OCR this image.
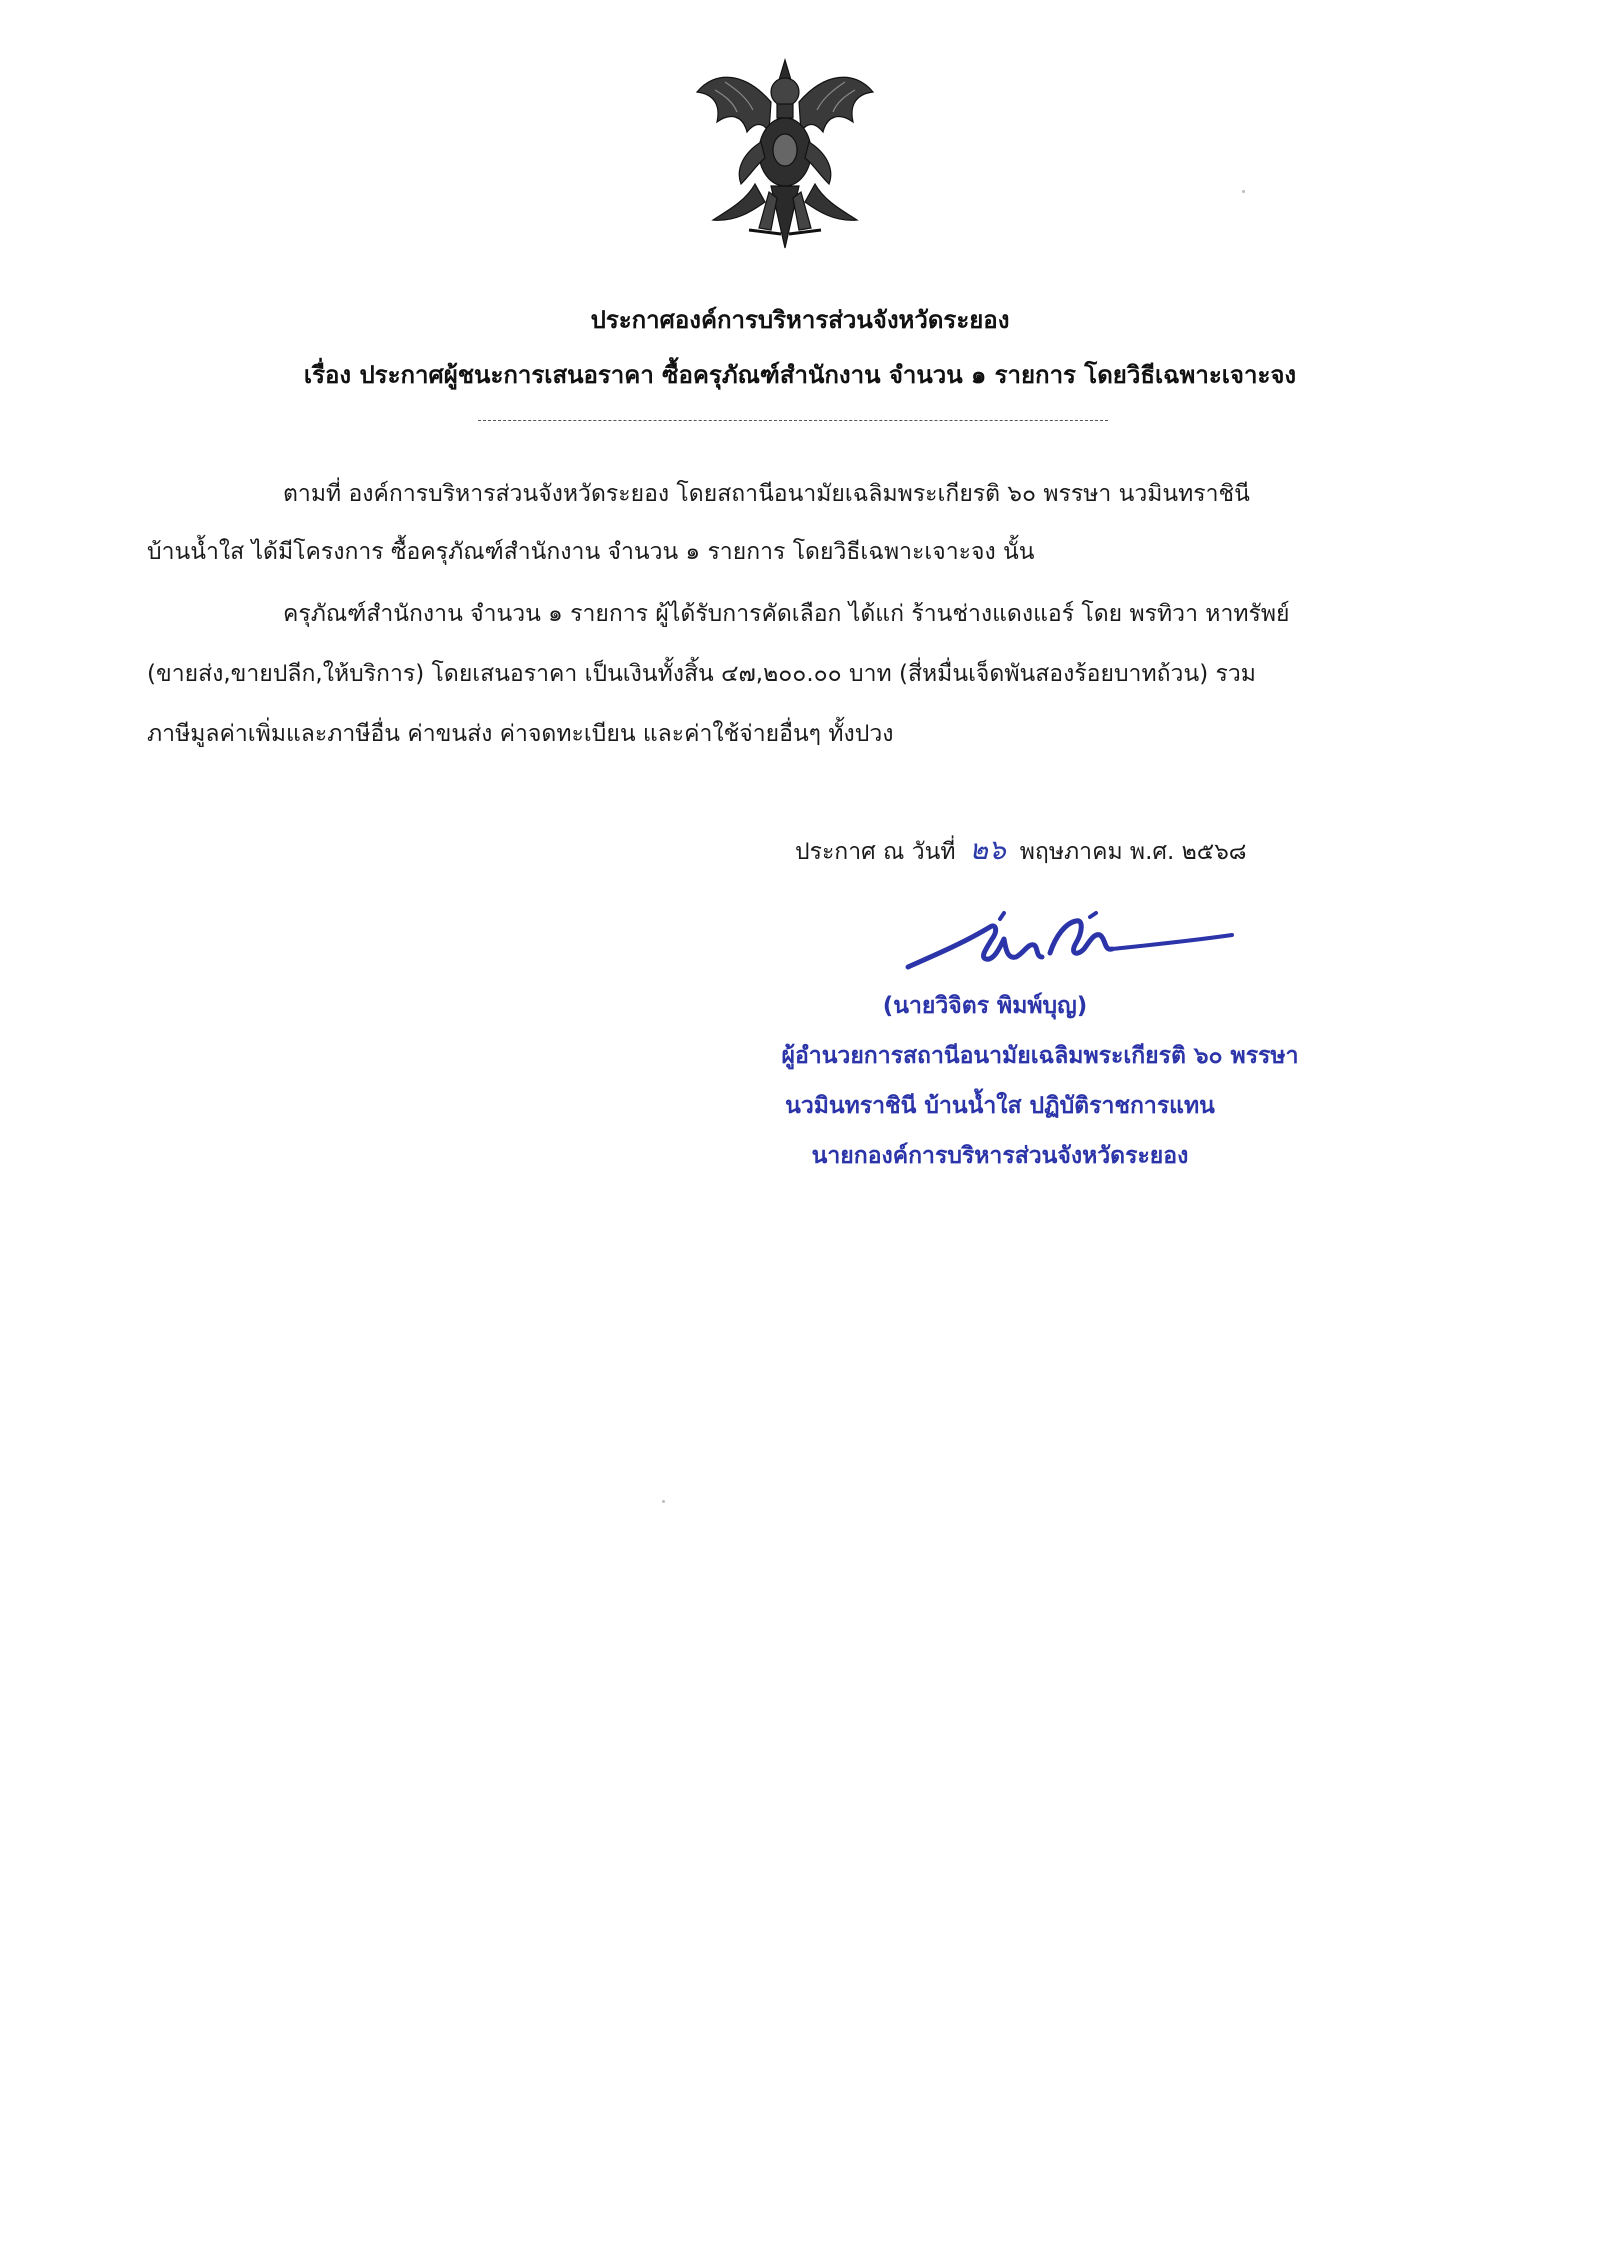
ประกาศองค์การบริหารส่วนจังหวัดระยอง
เรื่อง ประกาศผู้ชนะการเสนอราคา ซื้อครุภัณฑ์สำนักงาน จำนวน ๑ รายการ โดยวิธีเฉพาะเจาะจง
ตามที่ องค์การบริหารส่วนจังหวัดระยอง โดยสถานีอนามัยเฉลิมพระเกียรติ ๖๐ พรรษา นวมินทราชินี
บ้านน้ำใส ได้มีโครงการ ซื้อครุภัณฑ์สำนักงาน จำนวน ๑ รายการ โดยวิธีเฉพาะเจาะจง นั้น
ครุภัณฑ์สำนักงาน จำนวน ๑ รายการ ผู้ได้รับการคัดเลือก ได้แก่ ร้านช่างแดงแอร์ โดย พรทิวา หาทรัพย์
(ขายส่ง,ขายปลีก,ให้บริการ) โดยเสนอราคา เป็นเงินทั้งสิ้น ๔๗,๒๐๐.๐๐ บาท (สี่หมื่นเจ็ดพันสองร้อยบาทถ้วน) รวม
ภาษีมูลค่าเพิ่มและภาษีอื่น ค่าขนส่ง ค่าจดทะเบียน และค่าใช้จ่ายอื่นๆ ทั้งปวง
ประกาศ ณ วันที่ ๒๖ พฤษภาคม พ.ศ. ๒๕๖๘
(นายวิจิตร พิมพ์บุญ)
ผู้อำนวยการสถานีอนามัยเฉลิมพระเกียรติ ๖๐ พรรษา
นวมินทราชินี บ้านน้ำใส ปฏิบัติราชการแทน
นายกองค์การบริหารส่วนจังหวัดระยอง
